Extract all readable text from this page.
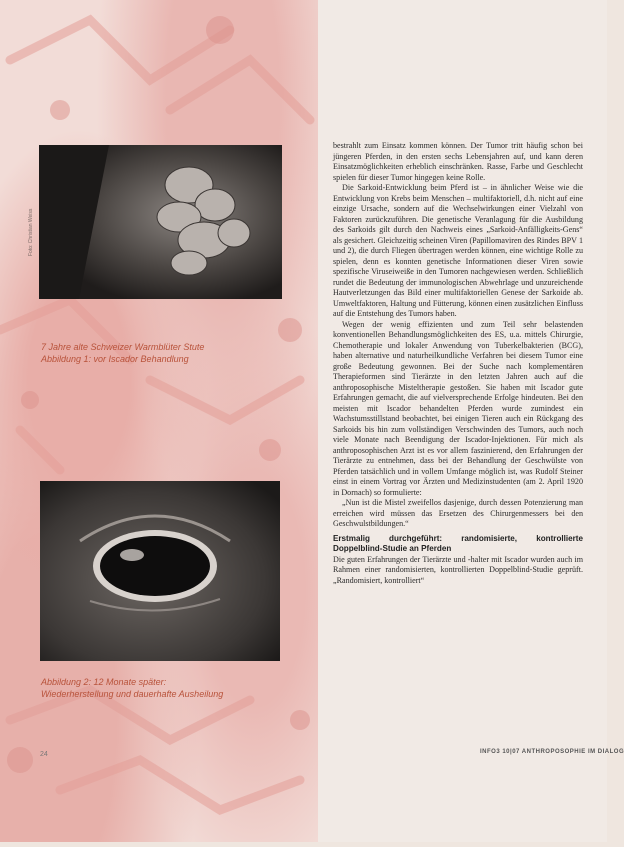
Foto: Christian Weiss
7 Jahre alte Schweizer Warmblüter Stute
Abbildung 1: vor Iscador Behandlung
Abbildung 2: 12 Monate später:
Wiederherstellung und dauerhafte Ausheilung
24

bestrahlt zum Einsatz kommen können. Der Tumor tritt häufig schon bei jüngeren Pferden, in den ersten sechs Lebensjahren auf, und kann deren Einsatzmöglichkeiten erheblich einschränken. Rasse, Farbe und Geschlecht spielen für dieser Tumor hingegen keine Rolle.

Die Sarkoid-Entwicklung beim Pferd ist – in ähnlicher Weise wie die Entwicklung von Krebs beim Menschen – multifaktoriell, d.h. nicht auf eine einzige Ursache, sondern auf die Wechselwirkungen einer Vielzahl von Faktoren zurückzuführen. Die genetische Veranlagung für die Ausbildung des Sarkoids gilt durch den Nachweis eines „Sarkoid-Anfälligkeits-Gens“ als gesichert. Gleichzeitig scheinen Viren (Papillomaviren des Rindes BPV 1 und 2), die durch Fliegen übertragen werden können, eine wichtige Rolle zu spielen, denn es konnten genetische Informationen dieser Viren sowie spezifische Viruseiweiße in den Tumoren nachgewiesen werden. Schließlich rundet die Bedeutung der immunologischen Abwehrlage und unzureichende Hautverletzungen das Bild einer multifaktoriellen Genese der Sarkoide ab. Umweltfaktoren, Haltung und Fütterung, können einen zusätzlichen Einfluss auf die Entstehung des Tumors haben.

Wegen der wenig effizienten und zum Teil sehr belastenden konventionellen Behandlungsmöglichkeiten des ES, u.a. mittels Chirurgie, Chemotherapie und lokaler Anwendung von Tuberkelbakterien (BCG), haben alternative und naturheilkundliche Verfahren bei diesem Tumor eine große Bedeutung gewonnen. Bei der Suche nach komplementären Therapieformen sind Tierärzte in den letzten Jahren auch auf die anthroposophische Misteltherapie gestoßen. Sie haben mit Iscador gute Erfahrungen gemacht, die auf vielversprechende Erfolge hindeuten. Bei den meisten mit Iscador behandelten Pferden wurde zumindest ein Wachstumsstillstand beobachtet, bei einigen Tieren auch ein Rückgang des Sarkoids bis hin zum vollständigen Verschwinden des Tumors, auch noch viele Monate nach Beendigung der Iscador-Injektionen. Für mich als anthroposophischen Arzt ist es vor allem faszinierend, den Erfahrungen der Tierärzte zu entnehmen, dass bei der Behandlung der Geschwülste von Pferden tatsächlich und in vollem Umfange möglich ist, was Rudolf Steiner einst in einem Vortrag vor Ärzten und Medizinstudenten (am 2. April 1920 in Dornach) so formulierte:

„Nun ist die Mistel zweifellos dasjenige, durch dessen Potenzierung man erreichen wird müssen das Ersetzen des Chirurgenmessers bei den Geschwulstbildungen.“

Erstmalig durchgeführt: randomisierte, kontrollierte Doppelblind-Studie an Pferden

Die guten Erfahrungen der Tierärzte und -halter mit Iscador wurden auch im Rahmen einer randomisierten, kontrollierten Doppelblind-Studie geprüft. „Randomisiert, kontrolliert“

INFO3 10|07 ANTHROPOSOPHIE IM DIALOG
